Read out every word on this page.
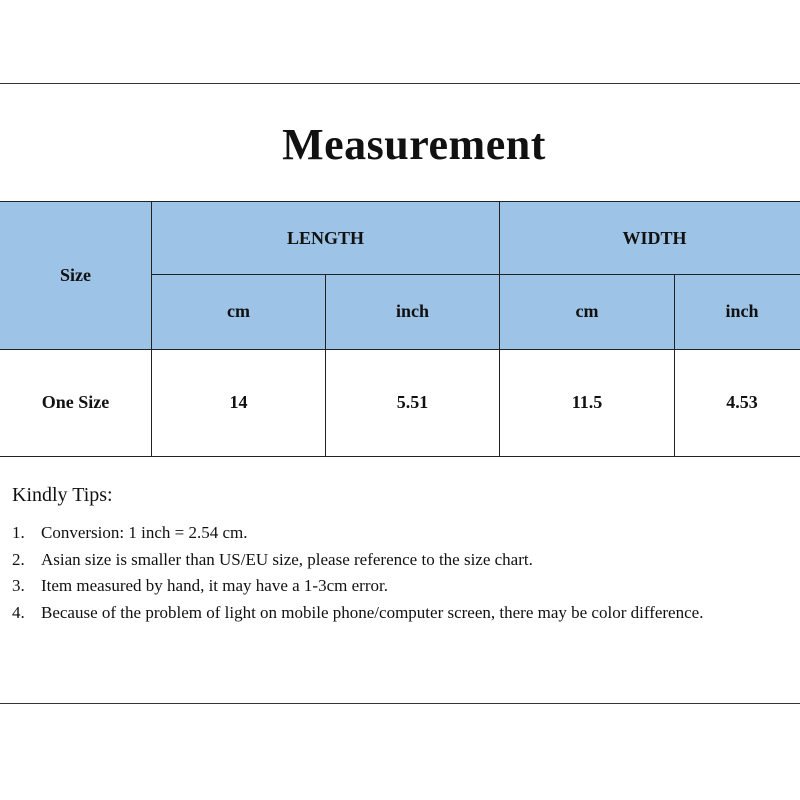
Measurement
Size	LENGTH		WIDTH	
	cm	inch	cm	inch
One Size	14	5.51	11.5	4.53
Kindly Tips:
1. Conversion: 1 inch = 2.54 cm.
2. Asian size is smaller than US/EU size, please reference to the size chart.
3. Item measured by hand, it may have a 1-3cm error.
4. Because of the problem of light on mobile phone/computer screen, there may be color difference.
